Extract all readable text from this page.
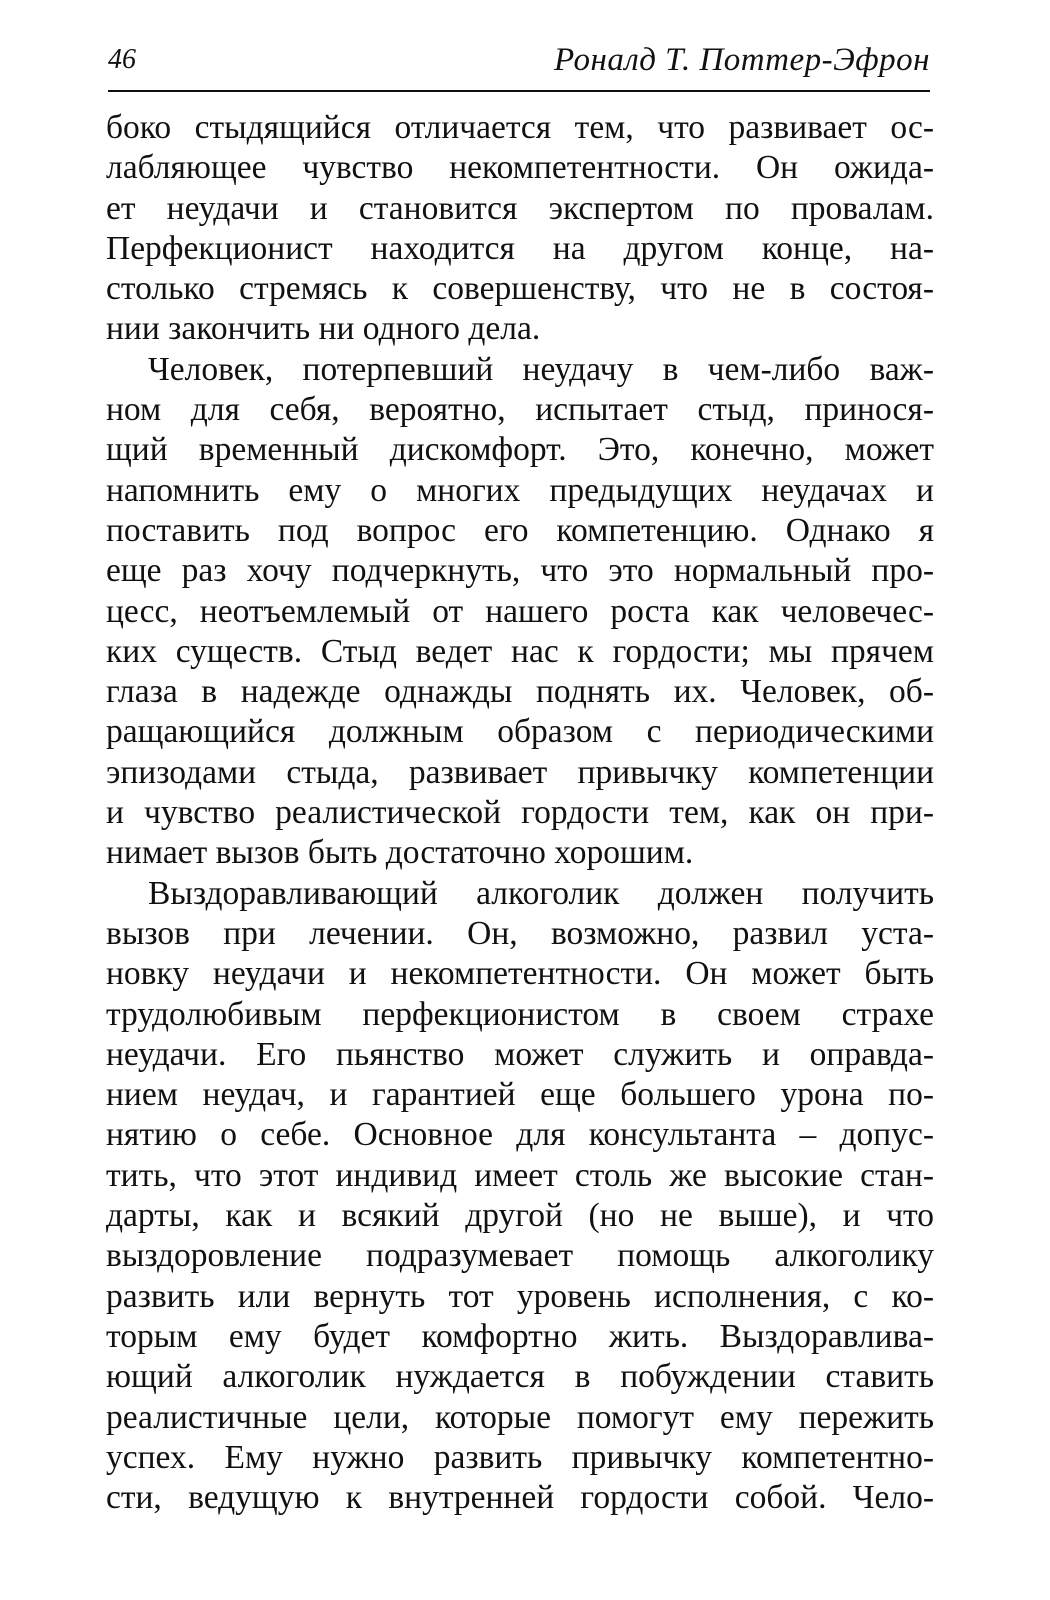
46	Роналд Т. Поттер-Эфрон
боко стыдящийся отличается тем, что развивает ос-
лабляющее чувство некомпетентности. Он ожида-
ет неудачи и становится экспертом по провалам.
Перфекционист находится на другом конце, на-
столько стремясь к совершенству, что не в состоя-
нии закончить ни одного дела.
Человек, потерпевший неудачу в чем-либо важ-
ном для себя, вероятно, испытает стыд, принося-
щий временный дискомфорт. Это, конечно, может
напомнить ему о многих предыдущих неудачах и
поставить под вопрос его компетенцию. Однако я
еще раз хочу подчеркнуть, что это нормальный про-
цесс, неотъемлемый от нашего роста как человечес-
ких существ. Стыд ведет нас к гордости; мы прячем
глаза в надежде однажды поднять их. Человек, об-
ращающийся должным образом с периодическими
эпизодами стыда, развивает привычку компетенции
и чувство реалистической гордости тем, как он при-
нимает вызов быть достаточно хорошим.
Выздоравливающий алкоголик должен получить
вызов при лечении. Он, возможно, развил уста-
новку неудачи и некомпетентности. Он может быть
трудолюбивым перфекционистом в своем страхе
неудачи. Его пьянство может служить и оправда-
нием неудач, и гарантией еще большего урона по-
нятию о себе. Основное для консультанта – допус-
тить, что этот индивид имеет столь же высокие стан-
дарты, как и всякий другой (но не выше), и что
выздоровление подразумевает помощь алкоголику
развить или вернуть тот уровень исполнения, с ко-
торым ему будет комфортно жить. Выздоравлива-
ющий алкоголик нуждается в побуждении ставить
реалистичные цели, которые помогут ему пережить
успех. Ему нужно развить привычку компетентно-
сти, ведущую к внутренней гордости собой. Чело-
